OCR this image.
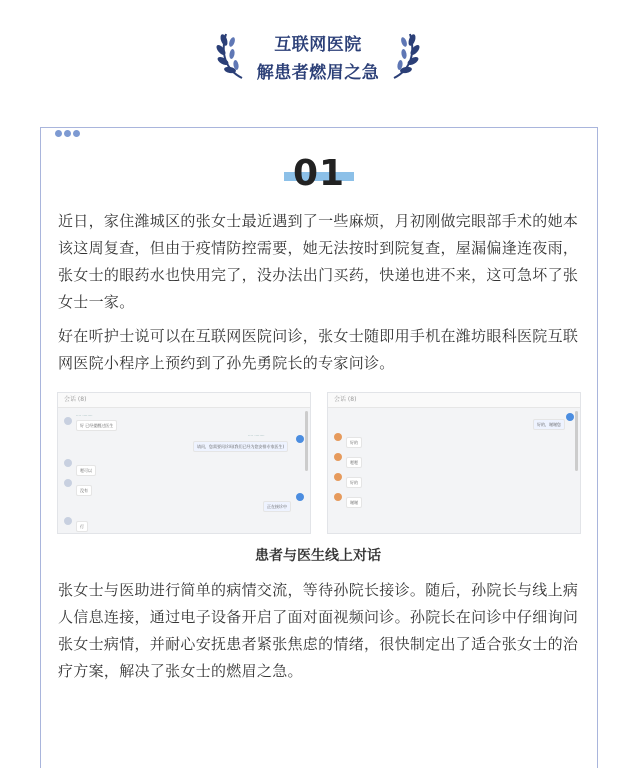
互联网医院
解患者燃眉之急
01
近日，家住潍城区的张女士最近遇到了一些麻烦，月初刚做完眼部手术的她本该这周复查，但由于疫情防控需要，她无法按时到院复查，屋漏偏逢连夜雨，张女士的眼药水也快用完了，没办法出门买药，快递也进不来，这可急坏了张女士一家。
好在听护士说可以在互联网医院问诊，张女士随即用手机在潍坊眼科医院互联网医院小程序上预约到了孙先勇院长的专家问诊。
会话 (8)
···· ········
好 已经提醒过医生
···· ········
请问，您需要问诊吗(我们已经为您安排专家医生)
嗯可以
没有
正在接诊中
行
会话 (8)
好的，谢谢您
好的
嗯嗯
好的
谢谢
患者与医生线上对话
张女士与医助进行简单的病情交流，等待孙院长接诊。随后，孙院长与线上病人信息连接，通过电子设备开启了面对面视频问诊。孙院长在问诊中仔细询问张女士病情，并耐心安抚患者紧张焦虑的情绪，很快制定出了适合张女士的治疗方案，解决了张女士的燃眉之急。
